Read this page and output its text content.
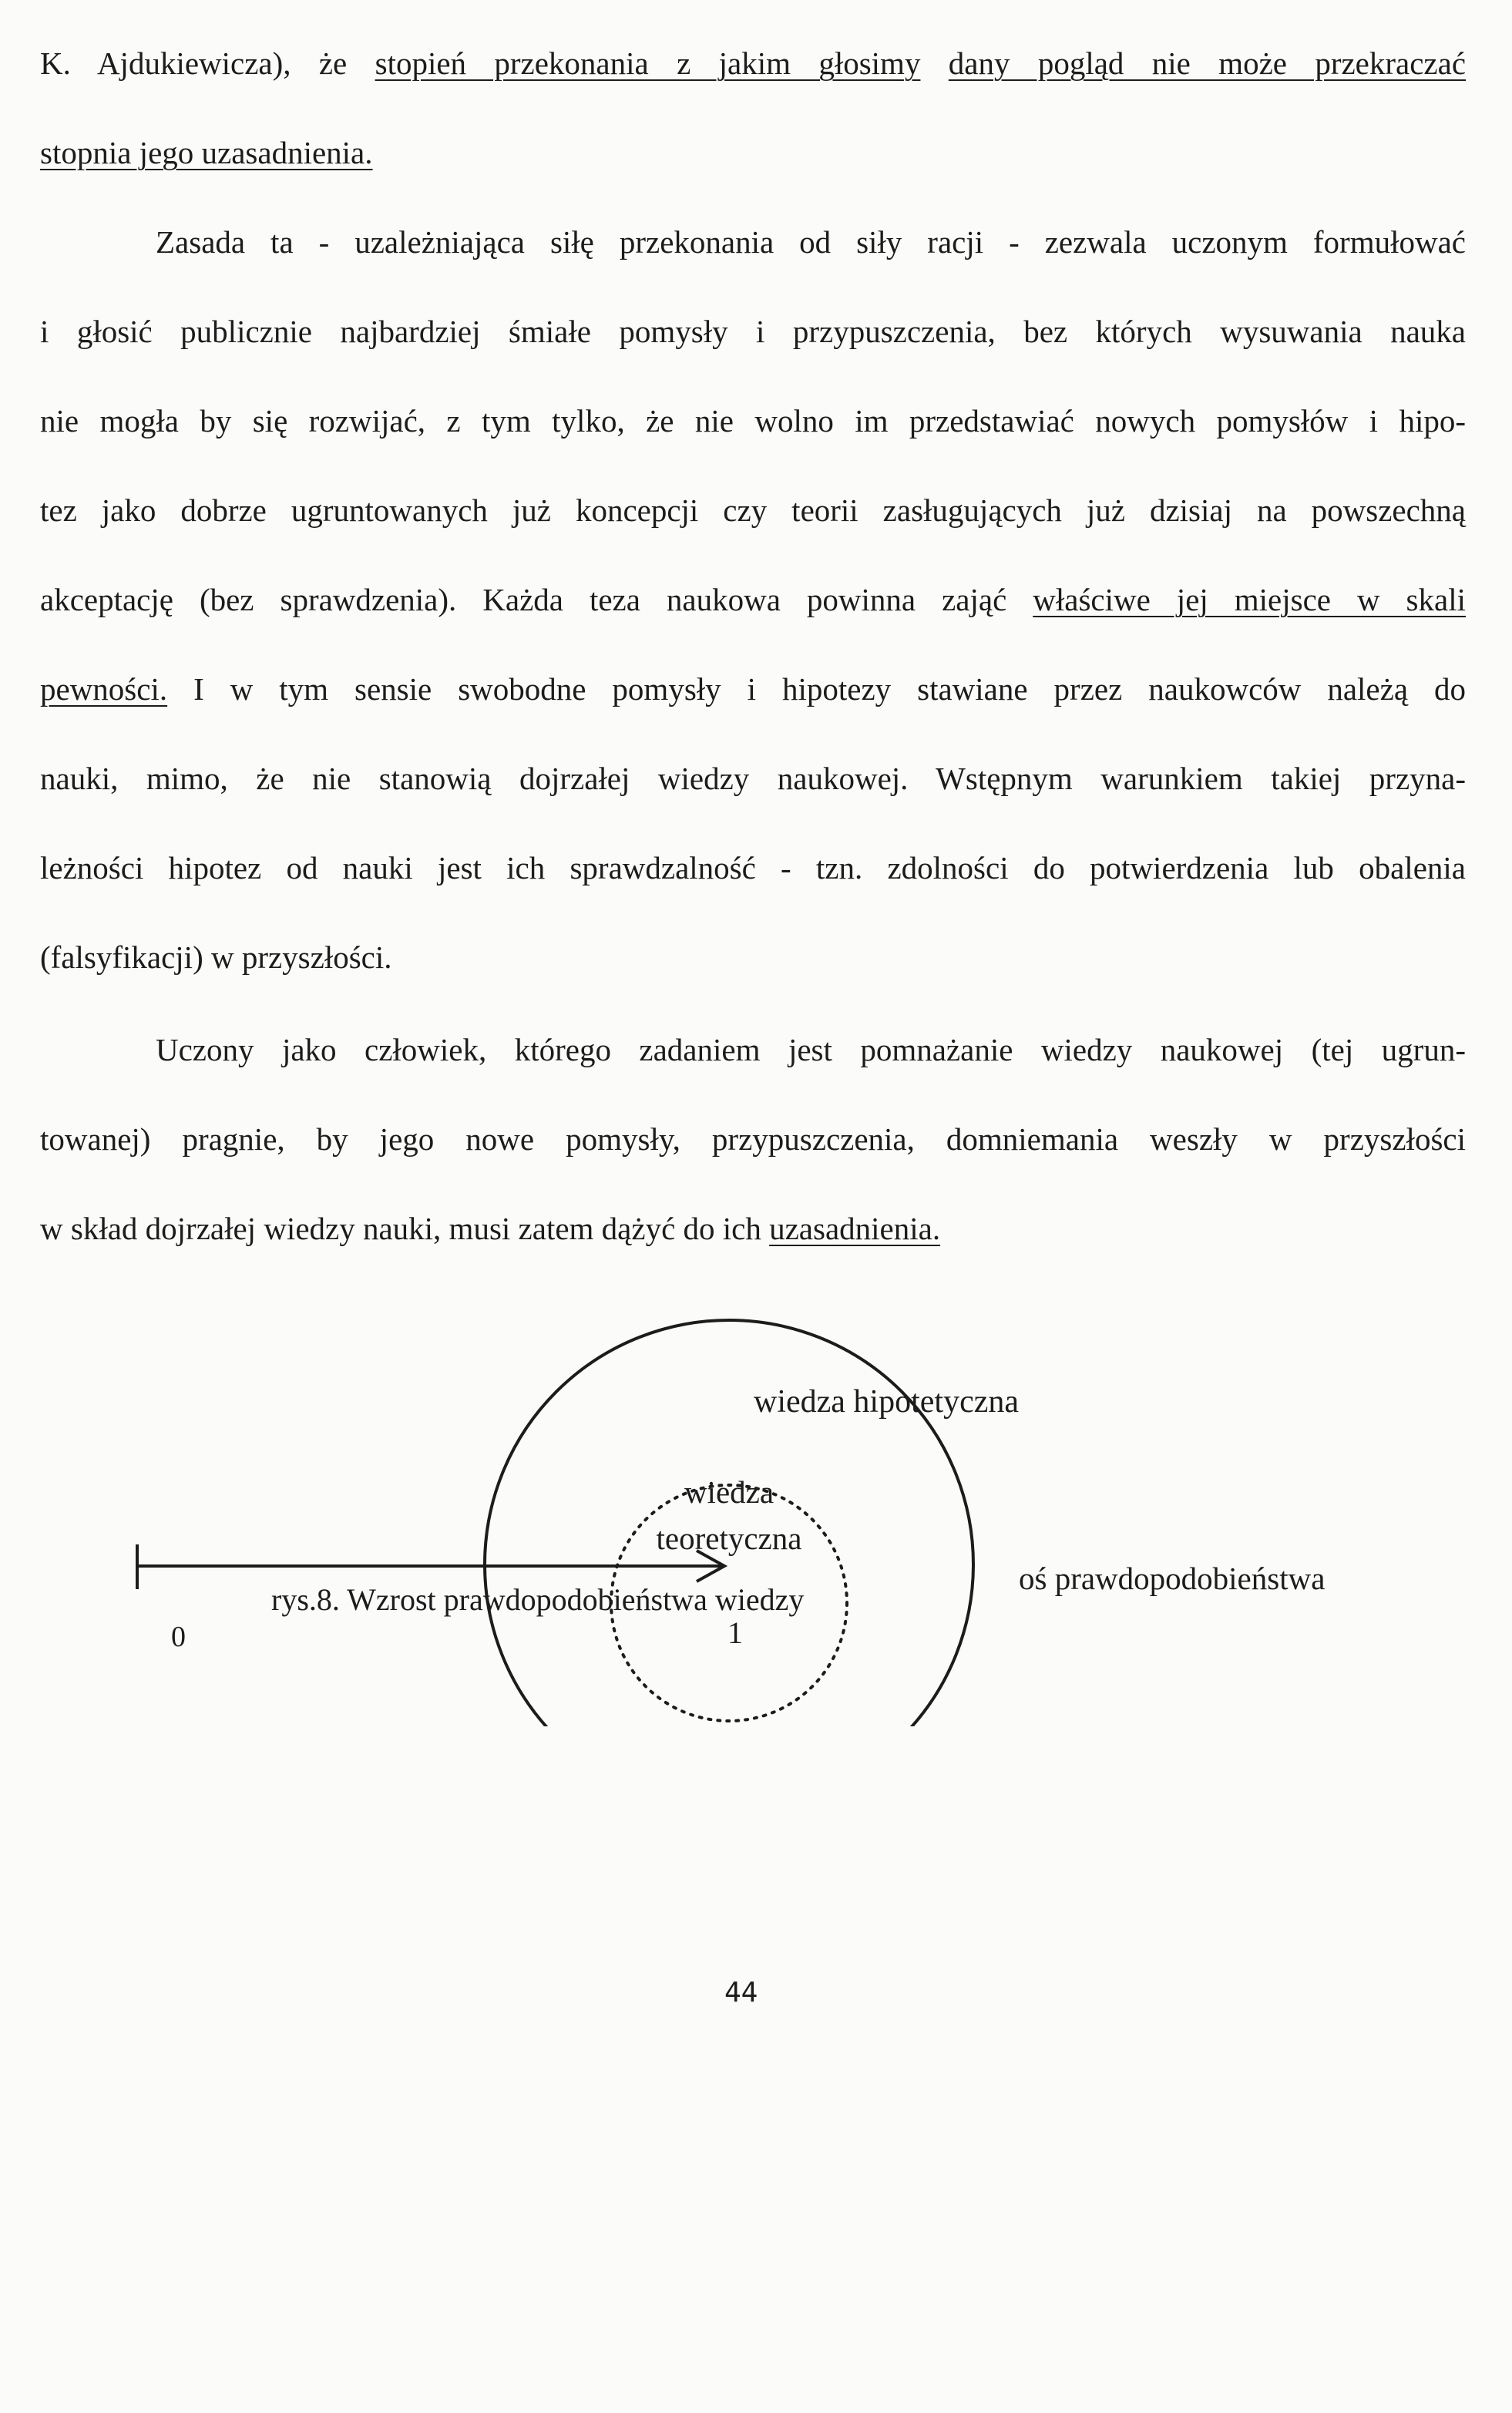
K. Ajdukiewicza), że stopień przekonania z jakim głosimy dany pogląd nie może przekraczać
stopnia jego uzasadnienia.
Zasada ta - uzależniająca siłę przekonania od siły racji - zezwala uczonym formułować
i głosić publicznie najbardziej śmiałe pomysły i przypuszczenia, bez których wysuwania nauka
nie mogła by się rozwijać, z tym tylko, że nie wolno im przedstawiać nowych pomysłów i hipo-
tez jako dobrze ugruntowanych już koncepcji czy teorii zasługujących już dzisiaj na powszechną
akceptację (bez sprawdzenia). Każda teza naukowa powinna zająć właściwe jej miejsce w skali
pewności. I w tym sensie swobodne pomysły i hipotezy stawiane przez naukowców należą do
nauki, mimo, że nie stanowią dojrzałej wiedzy naukowej. Wstępnym warunkiem takiej przyna-
leżności hipotez od nauki jest ich sprawdzalność - tzn. zdolności do potwierdzenia lub obalenia
(falsyfikacji) w przyszłości.
Uczony jako człowiek, którego zadaniem jest pomnażanie wiedzy naukowej (tej ugrun-
towanej) pragnie, by jego nowe pomysły, przypuszczenia, domniemania weszły w przyszłości
w skład dojrzałej wiedzy nauki, musi zatem dążyć do ich uzasadnienia.
wiedza hipotetyczna
wiedza
teoretyczna
oś prawdopodobieństwa
0	1
rys.8. Wzrost prawdopodobieństwa wiedzy
44
